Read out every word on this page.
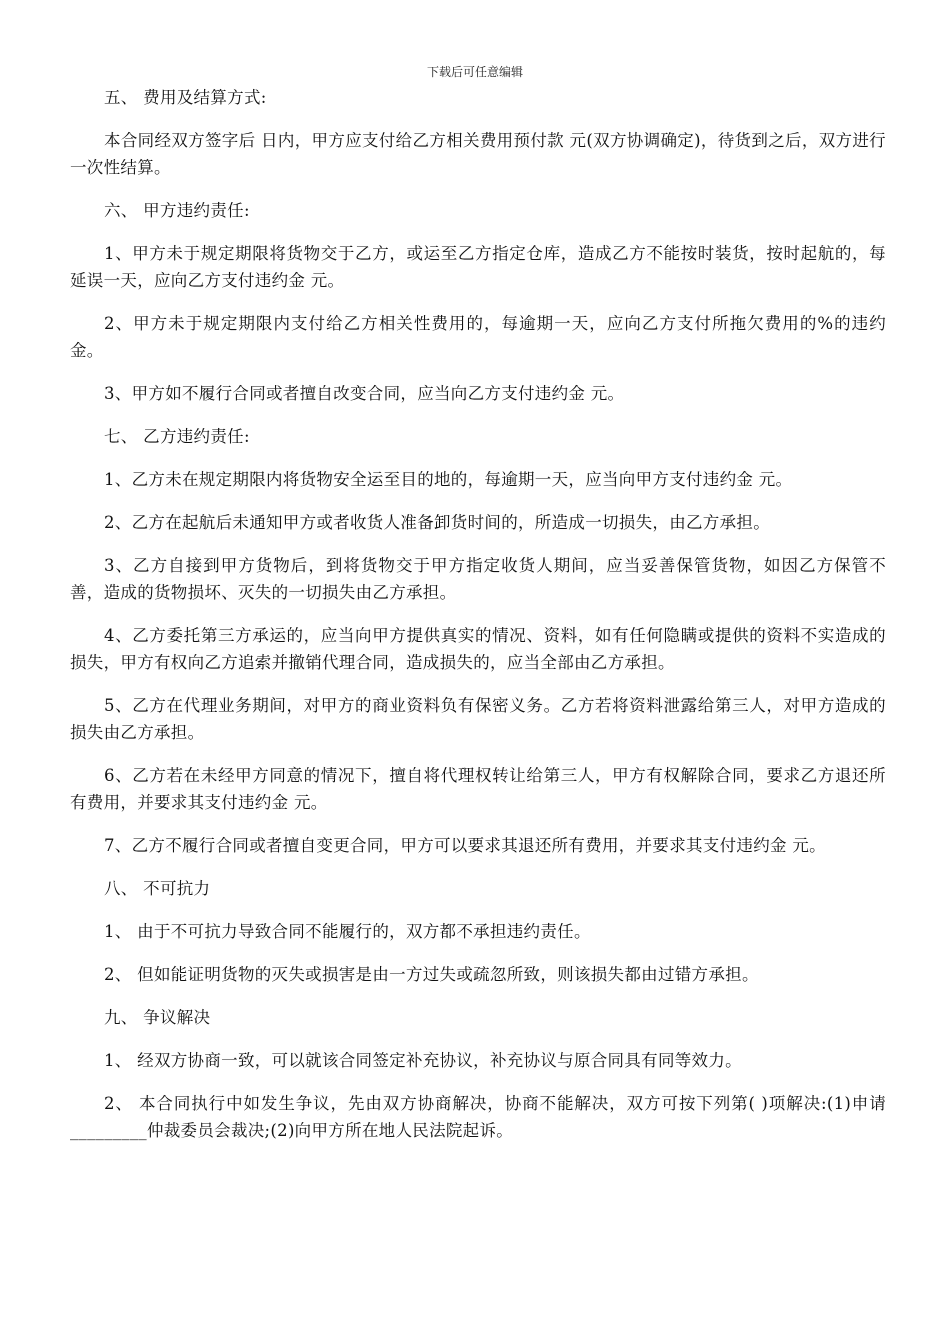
下载后可任意编辑

五、 费用及结算方式:

本合同经双方签字后 日内，甲方应支付给乙方相关费用预付款 元(双方协调确定)，待货到之后，双方进行一次性结算。

六、 甲方违约责任:

1、甲方未于规定期限将货物交于乙方，或运至乙方指定仓库，造成乙方不能按时装货，按时起航的，每延误一天，应向乙方支付违约金 元。

2、甲方未于规定期限内支付给乙方相关性费用的，每逾期一天，应向乙方支付所拖欠费用的%的违约金。

3、甲方如不履行合同或者擅自改变合同，应当向乙方支付违约金 元。

七、 乙方违约责任:

1、乙方未在规定期限内将货物安全运至目的地的，每逾期一天，应当向甲方支付违约金 元。

2、乙方在起航后未通知甲方或者收货人准备卸货时间的，所造成一切损失，由乙方承担。

3、乙方自接到甲方货物后，到将货物交于甲方指定收货人期间，应当妥善保管货物，如因乙方保管不善，造成的货物损坏、灭失的一切损失由乙方承担。

4、乙方委托第三方承运的，应当向甲方提供真实的情况、资料，如有任何隐瞒或提供的资料不实造成的损失，甲方有权向乙方追索并撤销代理合同，造成损失的，应当全部由乙方承担。

5、乙方在代理业务期间，对甲方的商业资料负有保密义务。乙方若将资料泄露给第三人，对甲方造成的损失由乙方承担。

6、乙方若在未经甲方同意的情况下，擅自将代理权转让给第三人，甲方有权解除合同，要求乙方退还所有费用，并要求其支付违约金 元。

7、乙方不履行合同或者擅自变更合同，甲方可以要求其退还所有费用，并要求其支付违约金 元。

八、 不可抗力

1、 由于不可抗力导致合同不能履行的，双方都不承担违约责任。

2、 但如能证明货物的灭失或损害是由一方过失或疏忽所致，则该损失都由过错方承担。

九、 争议解决

1、 经双方协商一致，可以就该合同签定补充协议，补充协议与原合同具有同等效力。

2、 本合同执行中如发生争议，先由双方协商解决，协商不能解决，双方可按下列第( )项解决:(1)申请_________仲裁委员会裁决;(2)向甲方所在地人民法院起诉。
